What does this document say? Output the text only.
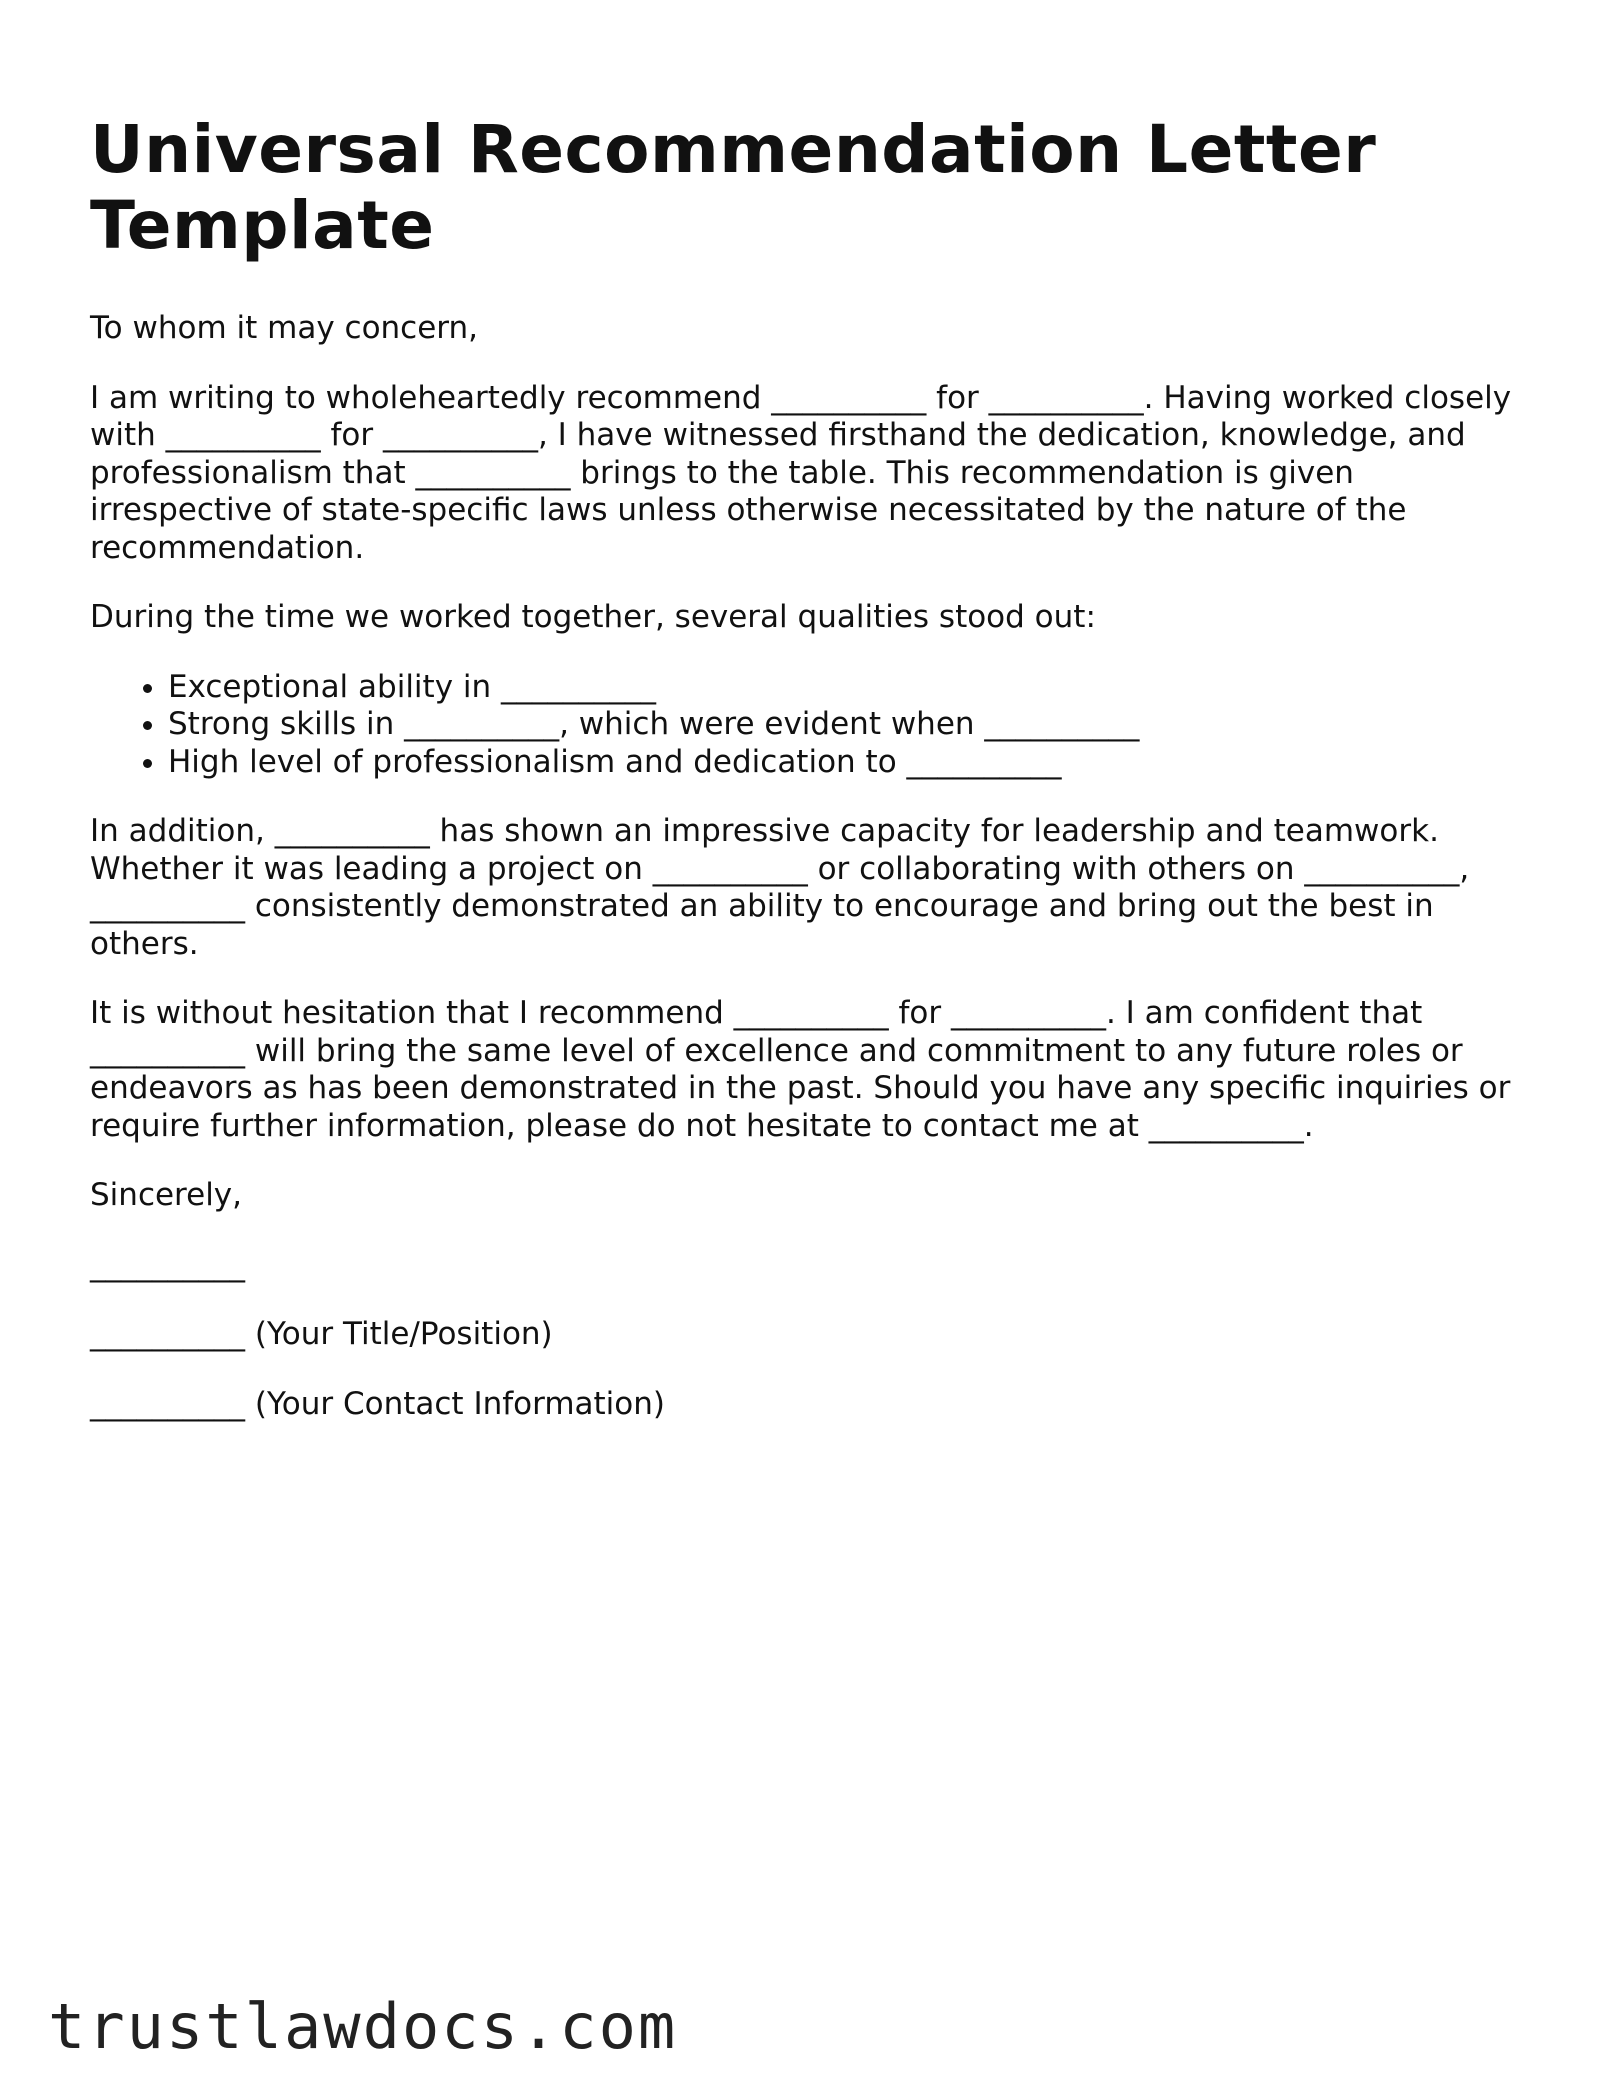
Universal Recommendation Letter Template

To whom it may concern,

I am writing to wholeheartedly recommend __________ for __________. Having worked closely with __________ for __________, I have witnessed firsthand the dedication, knowledge, and professionalism that __________ brings to the table. This recommendation is given irrespective of state-specific laws unless otherwise necessitated by the nature of the recommendation.

During the time we worked together, several qualities stood out:

• Exceptional ability in __________
• Strong skills in __________, which were evident when __________
• High level of professionalism and dedication to __________

In addition, __________ has shown an impressive capacity for leadership and teamwork. Whether it was leading a project on __________ or collaborating with others on __________, __________ consistently demonstrated an ability to encourage and bring out the best in others.

It is without hesitation that I recommend __________ for __________. I am confident that __________ will bring the same level of excellence and commitment to any future roles or endeavors as has been demonstrated in the past. Should you have any specific inquiries or require further information, please do not hesitate to contact me at __________.

Sincerely,

__________

__________ (Your Title/Position)

__________ (Your Contact Information)

trustlawdocs.com
